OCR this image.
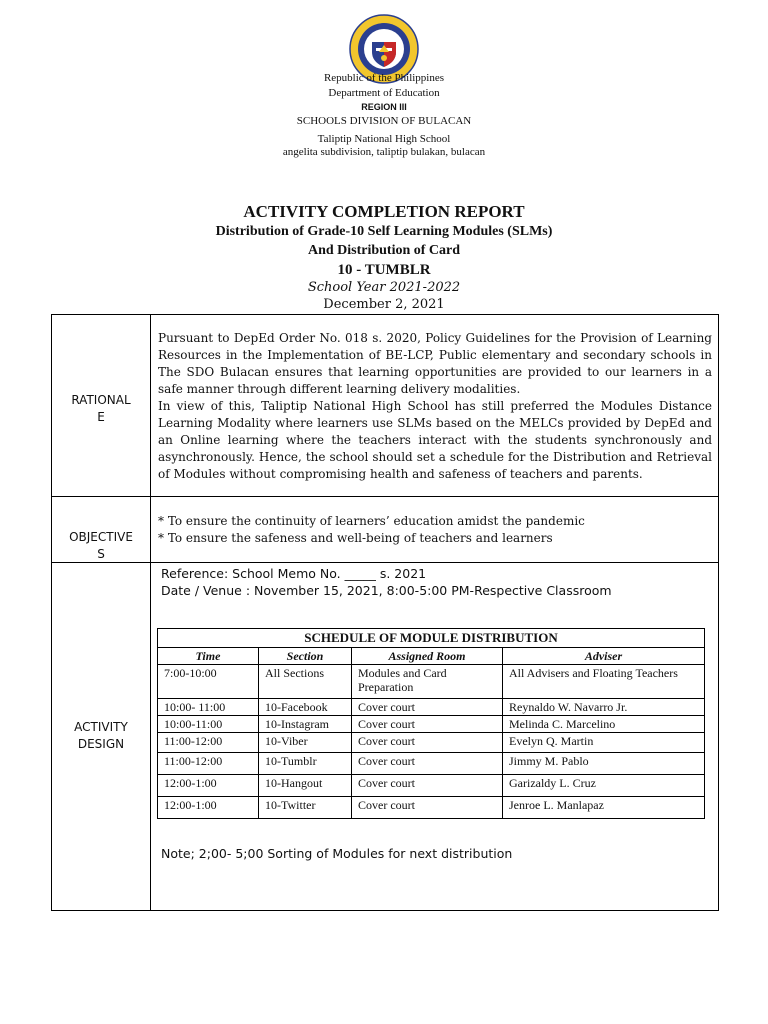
Republic of the Philippines
Department of Education
REGION III
SCHOOLS DIVISION OF BULACAN
Taliptip National High School
angelita subdivision, taliptip bulakan, bulacan
ACTIVITY COMPLETION REPORT
Distribution of Grade-10 Self Learning Modules (SLMs)
And Distribution of Card
10 - TUMBLR
School Year 2021-2022
December 2, 2021
RATIONAL
E

Pursuant to DepEd Order No. 018 s. 2020, Policy Guidelines for the Provision of Learning Resources in the Implementation of BE-LCP, Public elementary and secondary schools in The SDO Bulacan ensures that learning opportunities are provided to our learners in a safe manner through different learning delivery modalities.

In view of this, Taliptip National High School has still preferred the Modules Distance Learning Modality where learners use SLMs based on the MELCs provided by DepEd and an Online learning where the teachers interact with the students synchronously and asynchronously. Hence, the school should set a schedule for the Distribution and Retrieval of Modules without compromising health and safeness of teachers and parents.

OBJECTIVE
S
* To ensure the continuity of learners’ education amidst the pandemic
* To ensure the safeness and well-being of teachers and learners
ACTIVITY
DESIGN
Reference: School Memo No. _____ s. 2021
Date / Venue : November 15, 2021, 8:00-5:00 PM-Respective Classroom
SCHEDULE OF MODULE DISTRIBUTION			
Time	Section	Assigned Room	Adviser
7:00-10:00	All Sections	Modules and Card Preparation	All Advisers and Floating Teachers
10:00- 11:00	10-Facebook	Cover court	Reynaldo W. Navarro Jr.
10:00-11:00	10-Instagram	Cover court	Melinda C. Marcelino
11:00-12:00	10-Viber	Cover court	Evelyn Q. Martin
11:00-12:00	10-Tumblr	Cover court	Jimmy M. Pablo
12:00-1:00	10-Hangout	Cover court	Garizaldy L. Cruz
12:00-1:00	10-Twitter	Cover court	Jenroe L. Manlapaz
Note; 2;00- 5;00 Sorting of Modules for next distribution
